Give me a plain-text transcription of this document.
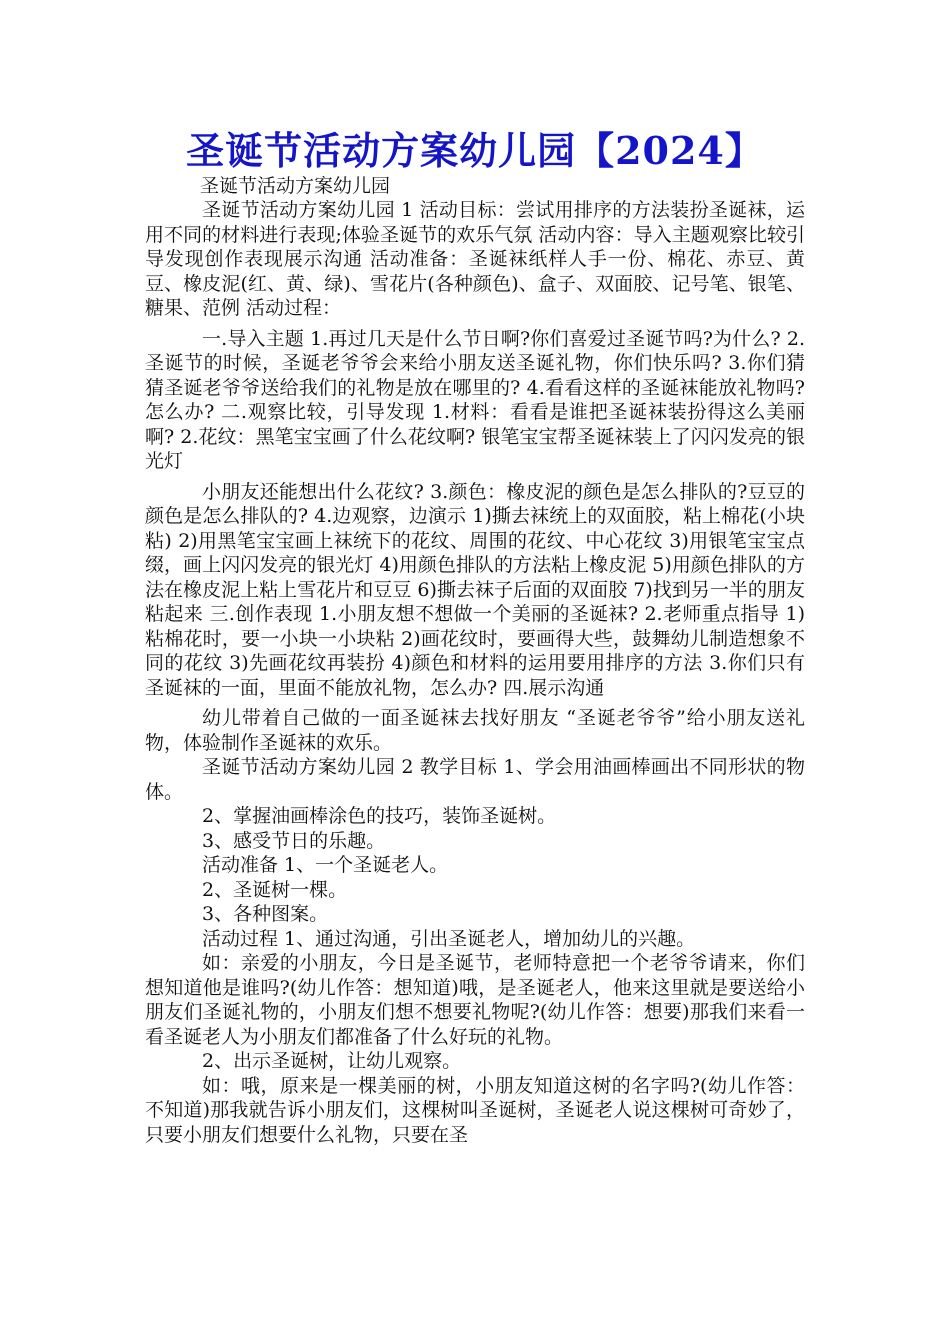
圣诞节活动方案幼儿园【2024】
圣诞节活动方案幼儿园

圣诞节活动方案幼儿园 1 活动目标：尝试用排序的方法装扮圣诞袜，运用不同的材料进行表现;体验圣诞节的欢乐气氛 活动内容：导入主题观察比较引导发现创作表现展示沟通 活动准备：圣诞袜纸样人手一份、棉花、赤豆、黄豆、橡皮泥(红、黄、绿)、雪花片(各种颜色)、盒子、双面胶、记号笔、银笔、糖果、范例 活动过程：

一.导入主题 1.再过几天是什么节日啊?你们喜爱过圣诞节吗?为什么? 2.圣诞节的时候，圣诞老爷爷会来给小朋友送圣诞礼物，你们快乐吗? 3.你们猜猜圣诞老爷爷送给我们的礼物是放在哪里的? 4.看看这样的圣诞袜能放礼物吗?怎么办? 二.观察比较，引导发现 1.材料：看看是谁把圣诞袜装扮得这么美丽啊? 2.花纹：黑笔宝宝画了什么花纹啊? 银笔宝宝帮圣诞袜装上了闪闪发亮的银光灯

小朋友还能想出什么花纹? 3.颜色：橡皮泥的颜色是怎么排队的?豆豆的颜色是怎么排队的? 4.边观察，边演示 1)撕去袜统上的双面胶，粘上棉花(小块粘) 2)用黑笔宝宝画上袜统下的花纹、周围的花纹、中心花纹 3)用银笔宝宝点缀，画上闪闪发亮的银光灯 4)用颜色排队的方法粘上橡皮泥 5)用颜色排队的方法在橡皮泥上粘上雪花片和豆豆 6)撕去袜子后面的双面胶 7)找到另一半的朋友粘起来 三.创作表现 1.小朋友想不想做一个美丽的圣诞袜? 2.老师重点指导 1)粘棉花时，要一小块一小块粘 2)画花纹时，要画得大些，鼓舞幼儿制造想象不同的花纹 3)先画花纹再装扮 4)颜色和材料的运用要用排序的方法 3.你们只有圣诞袜的一面，里面不能放礼物，怎么办? 四.展示沟通

幼儿带着自己做的一面圣诞袜去找好朋友 “圣诞老爷爷”给小朋友送礼物，体验制作圣诞袜的欢乐。

圣诞节活动方案幼儿园 2 教学目标 1、学会用油画棒画出不同形状的物体。

2、掌握油画棒涂色的技巧，装饰圣诞树。

3、感受节日的乐趣。

活动准备 1、一个圣诞老人。

2、圣诞树一棵。

3、各种图案。

活动过程 1、通过沟通，引出圣诞老人，增加幼儿的兴趣。

如：亲爱的小朋友，今日是圣诞节，老师特意把一个老爷爷请来，你们想知道他是谁吗?(幼儿作答：想知道)哦，是圣诞老人，他来这里就是要送给小朋友们圣诞礼物的，小朋友们想不想要礼物呢?(幼儿作答：想要)那我们来看一看圣诞老人为小朋友们都准备了什么好玩的礼物。

2、出示圣诞树，让幼儿观察。

如：哦，原来是一棵美丽的树，小朋友知道这树的名字吗?(幼儿作答：不知道)那我就告诉小朋友们，这棵树叫圣诞树，圣诞老人说这棵树可奇妙了，只要小朋友们想要什么礼物，只要在圣
